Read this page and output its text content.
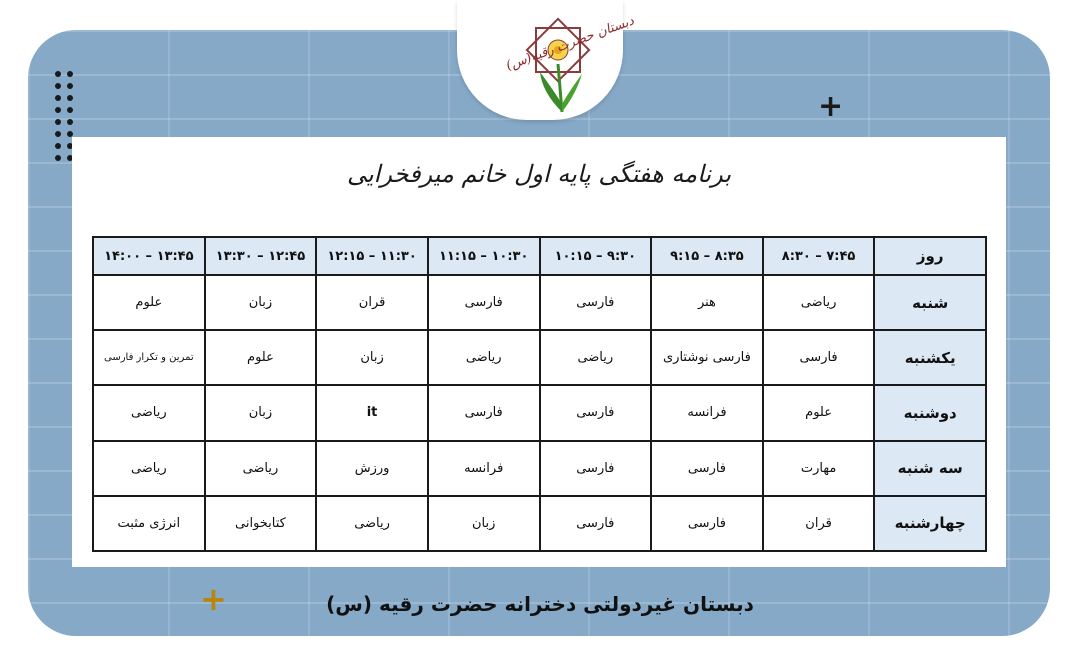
+
+
دبستان حضرت رقیه(س)
برنامه هفتگی پایه اول خانم میرفخرایی
روز	۸:۳۰ – ۷:۴۵	۹:۱۵ – ۸:۳۵	۱۰:۱۵ – ۹:۳۰	۱۱:۱۵ – ۱۰:۳۰	۱۲:۱۵ – ۱۱:۳۰	۱۳:۳۰ – ۱۲:۴۵	۱۴:۰۰ – ۱۳:۴۵
شنبه	ریاضی	هنر	فارسی	فارسی	قران	زبان	علوم
یکشنبه	فارسی	فارسی نوشتاری	ریاضی	ریاضی	زبان	علوم	تمرین و تکرار فارسی
دوشنبه	علوم	فرانسه	فارسی	فارسی	it	زبان	ریاضی
سه شنبه	مهارت	فارسی	فارسی	فرانسه	ورزش	ریاضی	ریاضی
چهارشنبه	قران	فارسی	فارسی	زبان	ریاضی	کتابخوانی	انرژی مثبت
دبستان غیردولتی دخترانه حضرت رقیه (س)
